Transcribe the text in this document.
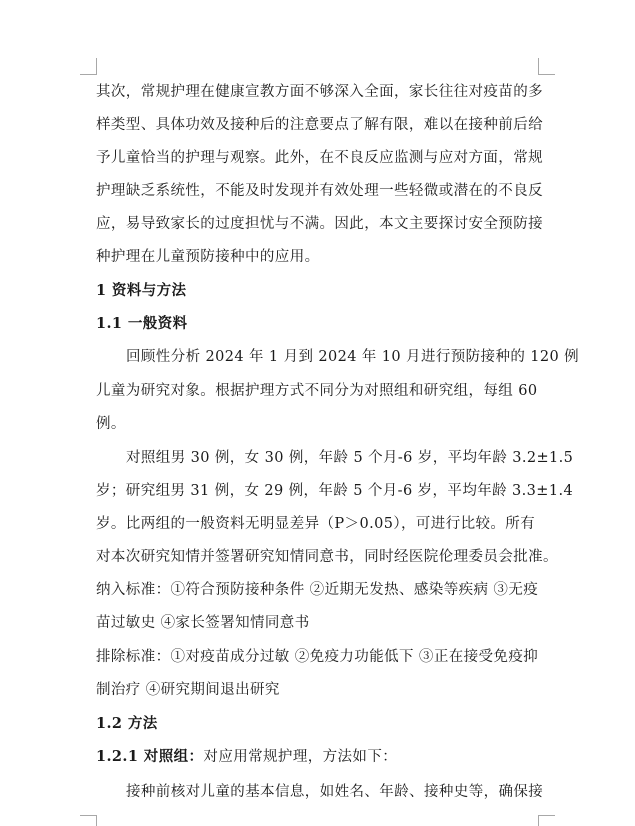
其次，常规护理在健康宣教方面不够深入全面，家长往往对疫苗的多
样类型、具体功效及接种后的注意要点了解有限，难以在接种前后给
予儿童恰当的护理与观察。此外，在不良反应监测与应对方面，常规
护理缺乏系统性，不能及时发现并有效处理一些轻微或潜在的不良反
应，易导致家长的过度担忧与不满。因此，本文主要探讨安全预防接
种护理在儿童预防接种中的应用。
1 资料与方法
1.1 一般资料
回顾性分析 2024 年 1 月到 2024 年 10 月进行预防接种的 120 例
儿童为研究对象。根据护理方式不同分为对照组和研究组，每组 60
例。
对照组男 30 例，女 30 例，年龄 5 个月-6 岁，平均年龄 3.2±1.5
岁；研究组男 31 例，女 29 例，年龄 5 个月-6 岁，平均年龄 3.3±1.4
岁。比两组的一般资料无明显差异（P＞0.05），可进行比较。所有
对本次研究知情并签署研究知情同意书，同时经医院伦理委员会批准。
纳入标准：①符合预防接种条件 ②近期无发热、感染等疾病 ③无疫
苗过敏史 ④家长签署知情同意书
排除标准：①对疫苗成分过敏 ②免疫力功能低下 ③正在接受免疫抑
制治疗 ④研究期间退出研究
1.2 方法
1.2.1 对照组：对应用常规护理，方法如下：
接种前核对儿童的基本信息，如姓名、年龄、接种史等，确保接
